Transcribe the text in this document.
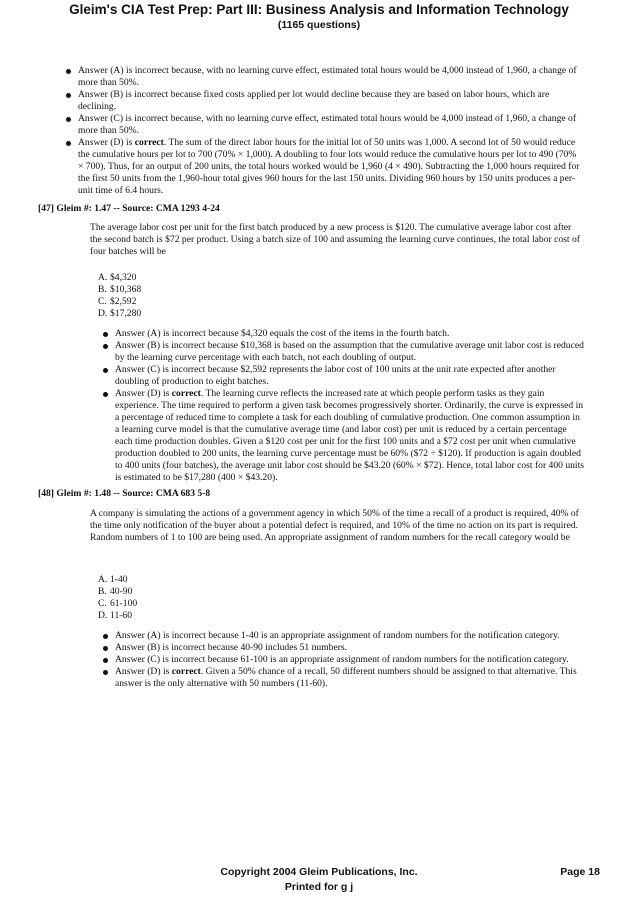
Gleim's CIA Test Prep: Part III: Business Analysis and Information Technology
(1165 questions)
Answer (A) is incorrect because, with no learning curve effect, estimated total hours would be 4,000 instead of 1,960, a change of more than 50%.
Answer (B) is incorrect because fixed costs applied per lot would decline because they are based on labor hours, which are declining.
Answer (C) is incorrect because, with no learning curve effect, estimated total hours would be 4,000 instead of 1,960, a change of more than 50%.
Answer (D) is correct. The sum of the direct labor hours for the initial lot of 50 units was 1,000. A second lot of 50 would reduce the cumulative hours per lot to 700 (70% × 1,000). A doubling to four lots would reduce the cumulative hours per lot to 490 (70% × 700). Thus, for an output of 200 units, the total hours worked would be 1,960 (4 × 490). Subtracting the 1,000 hours required for the first 50 units from the 1,960-hour total gives 960 hours for the last 150 units. Dividing 960 hours by 150 units produces a per-unit time of 6.4 hours.
[47] Gleim #: 1.47 -- Source: CMA 1293 4-24
The average labor cost per unit for the first batch produced by a new process is $120. The cumulative average labor cost after the second batch is $72 per product. Using a batch size of 100 and assuming the learning curve continues, the total labor cost of four batches will be
A. $4,320
B. $10,368
C. $2,592
D. $17,280
Answer (A) is incorrect because $4,320 equals the cost of the items in the fourth batch.
Answer (B) is incorrect because $10,368 is based on the assumption that the cumulative average unit labor cost is reduced by the learning curve percentage with each batch, not each doubling of output.
Answer (C) is incorrect because $2,592 represents the labor cost of 100 units at the unit rate expected after another doubling of production to eight batches.
Answer (D) is correct. The learning curve reflects the increased rate at which people perform tasks as they gain experience. The time required to perform a given task becomes progressively shorter. Ordinarily, the curve is expressed in a percentage of reduced time to complete a task for each doubling of cumulative production. One common assumption in a learning curve model is that the cumulative average time (and labor cost) per unit is reduced by a certain percentage each time production doubles. Given a $120 cost per unit for the first 100 units and a $72 cost per unit when cumulative production doubled to 200 units, the learning curve percentage must be 60% ($72 ÷ $120). If production is again doubled to 400 units (four batches), the average unit labor cost should be $43.20 (60% × $72). Hence, total labor cost for 400 units is estimated to be $17,280 (400 × $43.20).
[48] Gleim #: 1.48 -- Source: CMA 683 5-8
A company is simulating the actions of a government agency in which 50% of the time a recall of a product is required, 40% of the time only notification of the buyer about a potential defect is required, and 10% of the time no action on its part is required. Random numbers of 1 to 100 are being used. An appropriate assignment of random numbers for the recall category would be
A. 1-40
B. 40-90
C. 61-100
D. 11-60
Answer (A) is incorrect because 1-40 is an appropriate assignment of random numbers for the notification category.
Answer (B) is incorrect because 40-90 includes 51 numbers.
Answer (C) is incorrect because 61-100 is an appropriate assignment of random numbers for the notification category.
Answer (D) is correct. Given a 50% chance of a recall, 50 different numbers should be assigned to that alternative. This answer is the only alternative with 50 numbers (11-60).
Copyright 2004 Gleim Publications, Inc.
Printed for g j
Page 18
